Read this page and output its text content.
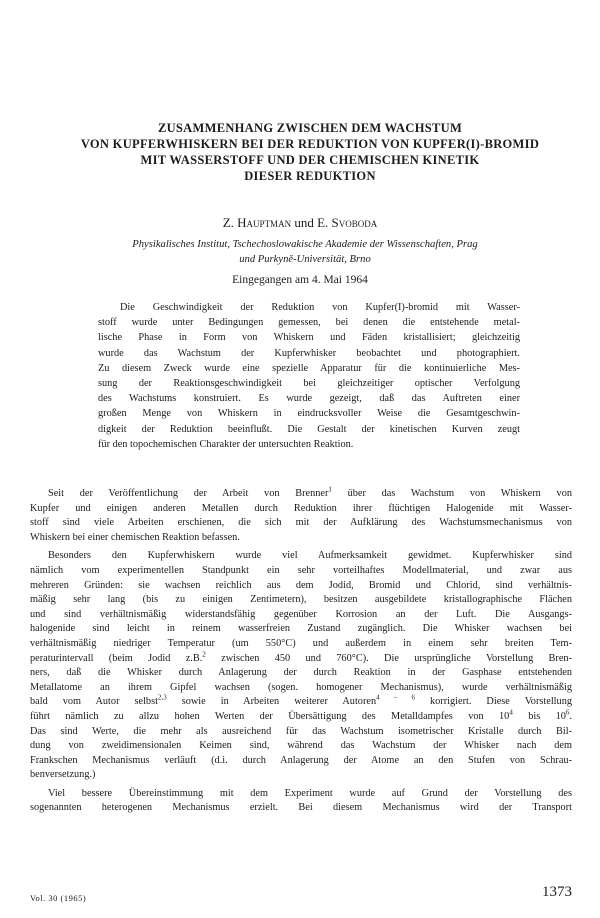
ZUSAMMENHANG ZWISCHEN DEM WACHSTUM
VON KUPFERWHISKERN BEI DER REDUKTION VON KUPFER(I)-BROMID
MIT WASSERSTOFF UND DER CHEMISCHEN KINETIK
DIESER REDUKTION
Z. Hauptman und E. Svoboda
Physikalisches Institut, Tschechoslowakische Akademie der Wissenschaften, Prag
und Purkyně-Universität, Brno
Eingegangen am 4. Mai 1964
Die Geschwindigkeit der Reduktion von Kupfer(I)-bromid mit Wasser-
stoff wurde unter Bedingungen gemessen, bei denen die entstehende metal-
lische Phase in Form von Whiskern und Fäden kristallisiert; gleichzeitig
wurde das Wachstum der Kupferwhisker beobachtet und photographiert.
Zu diesem Zweck wurde eine spezielle Apparatur für die kontinuierliche Mes-
sung der Reaktionsgeschwindigkeit bei gleichzeitiger optischer Verfolgung
des Wachstums konstruiert. Es wurde gezeigt, daß das Auftreten einer
großen Menge von Whiskern in eindrucksvoller Weise die Gesamtgeschwin-
digkeit der Reduktion beeinflußt. Die Gestalt der kinetischen Kurven zeugt
für den topochemischen Charakter der untersuchten Reaktion.
Seit der Veröffentlichung der Arbeit von Brenner$^1$ über das Wachstum von Whiskern von
Kupfer und einigen anderen Metallen durch Reduktion ihrer flüchtigen Halogenide mit Wasser-
stoff sind viele Arbeiten erschienen, die sich mit der Aufklärung des Wachstumsmechanismus von
Whiskern bei einer chemischen Reaktion befassen.
Besonders den Kupferwhiskern wurde viel Aufmerksamkeit gewidmet. Kupferwhisker sind
nämlich vom experimentellen Standpunkt ein sehr vorteilhaftes Modellmaterial, und zwar aus
mehreren Gründen: sie wachsen reichlich aus dem Jodid, Bromid und Chlorid, sind verhältnis-
mäßig sehr lang (bis zu einigen Zentimetern), besitzen ausgebildete kristallographische Flächen
und sind verhältnismäßig widerstandsfähig gegenüber Korrosion an der Luft. Die Ausgangs-
halogenide sind leicht in reinem wasserfreien Zustand zugänglich. Die Whisker wachsen bei
verhältnismäßig niedriger Temperatur (um 550°C) und außerdem in einem sehr breiten Tem-
peraturintervall (beim Jodid z.B.$^2$ zwischen 450 und 760°C). Die ursprüngliche Vorstellung Bren-
ners, daß die Whisker durch Anlagerung der durch Reaktion in der Gasphase entstehenden
Metallatome an ihrem Gipfel wachsen (sogen. homogener Mechanismus), wurde verhältnismäßig
bald vom Autor selbst$^{2,3}$ sowie in Arbeiten weiterer Autoren$^{4 - 6}$ korrigiert. Diese Vorstellung
führt nämlich zu allzu hohen Werten der Übersättigung des Metalldampfes von $10^4$ bis $10^6$.
Das sind Werte, die mehr als ausreichend für das Wachstum isometrischer Kristalle durch Bil-
dung von zweidimensionalen Keimen sind, während das Wachstum der Whisker nach dem
Frankschen Mechanismus verläuft (d.i. durch Anlagerung der Atome an den Stufen von Schrau-
benversetzung.)
Viel bessere Übereinstimmung mit dem Experiment wurde auf Grund der Vorstellung des
sogenannten heterogenen Mechanismus erzielt. Bei diesem Mechanismus wird der Transport
Vol. 30 (1965)	1373
